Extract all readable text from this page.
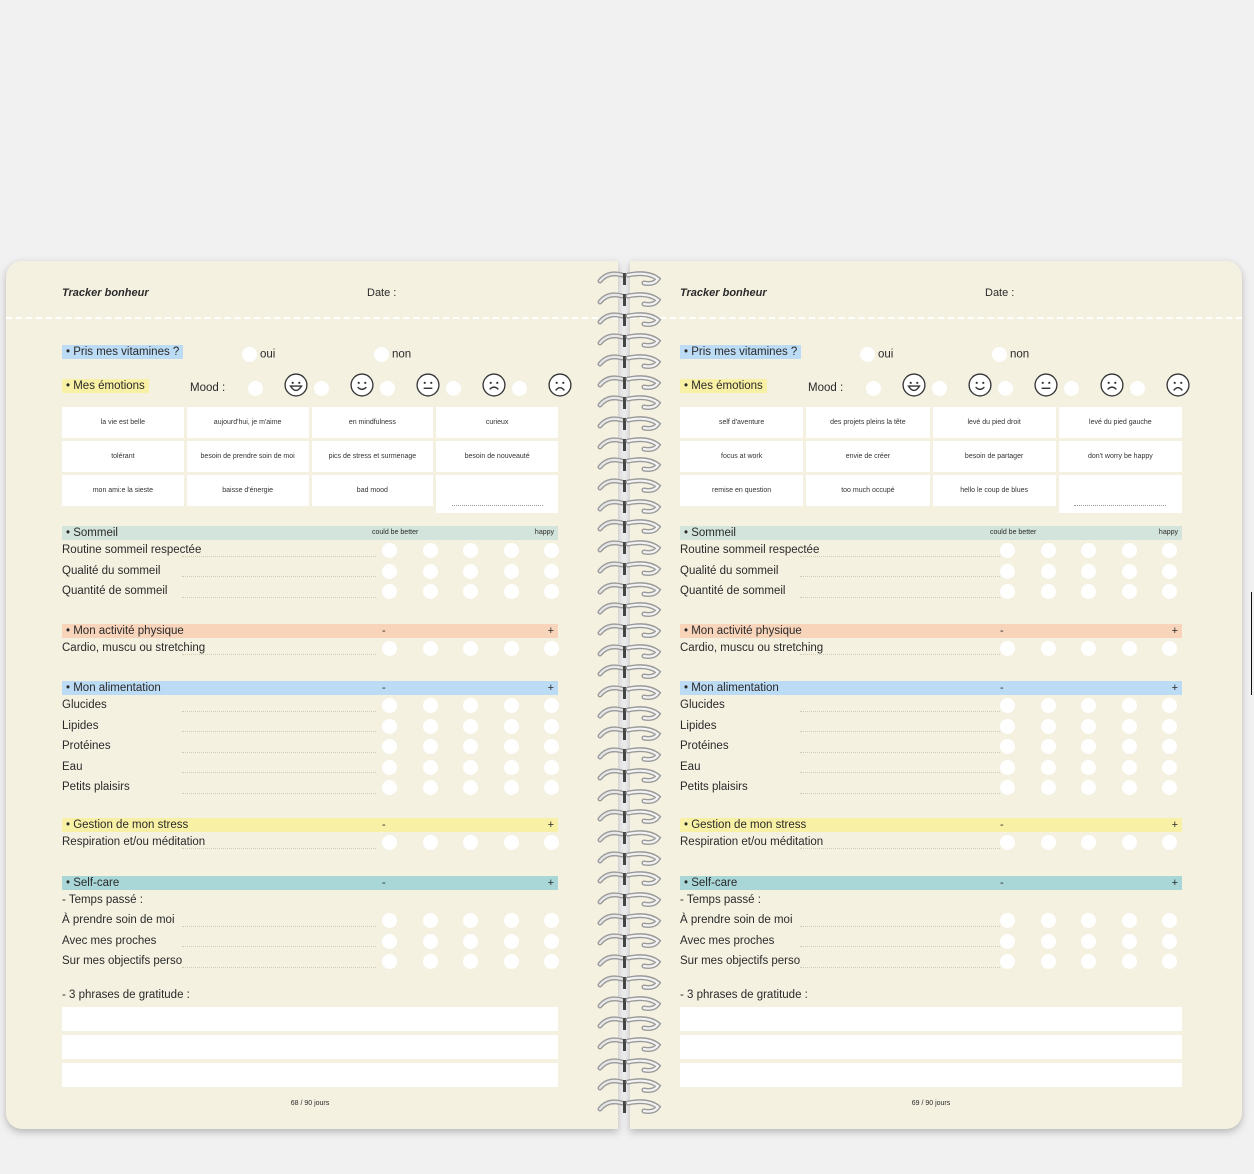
Tracker bonheur	Date :
• Pris mes vitamines ?	oui	non
• Mes émotions	Mood :
la vie est belle	aujourd'hui, je m'aime	en mindfulness	curieux
tolérant	besoin de prendre soin de moi	pics de stress et surmenage	besoin de nouveauté
mon ami:e la sieste	baisse d'énergie	bad mood
• Sommeil	could be better	happy
Routine sommeil respectée
Qualité du sommeil
Quantité de sommeil
• Mon activité physique	-	+
Cardio, muscu ou stretching
• Mon alimentation	-	+
Glucides
Lipides
Protéines
Eau
Petits plaisirs
• Gestion de mon stress	-	+
Respiration et/ou méditation
• Self-care	-	+
- Temps passé :
À prendre soin de moi
Avec mes proches
Sur mes objectifs perso
- 3 phrases de gratitude :
68 / 90 jours
Tracker bonheur	Date :
• Pris mes vitamines ?	oui	non
• Mes émotions	Mood :
self d'aventure	des projets pleins la tête	levé du pied droit	levé du pied gauche
focus at work	envie de créer	besoin de partager	don't worry be happy
remise en question	too much occupé	hello le coup de blues
• Sommeil	could be better	happy
Routine sommeil respectée
Qualité du sommeil
Quantité de sommeil
• Mon activité physique	-	+
Cardio, muscu ou stretching
• Mon alimentation	-	+
Glucides
Lipides
Protéines
Eau
Petits plaisirs
• Gestion de mon stress	-	+
Respiration et/ou méditation
• Self-care	-	+
- Temps passé :
À prendre soin de moi
Avec mes proches
Sur mes objectifs perso
- 3 phrases de gratitude :
69 / 90 jours
